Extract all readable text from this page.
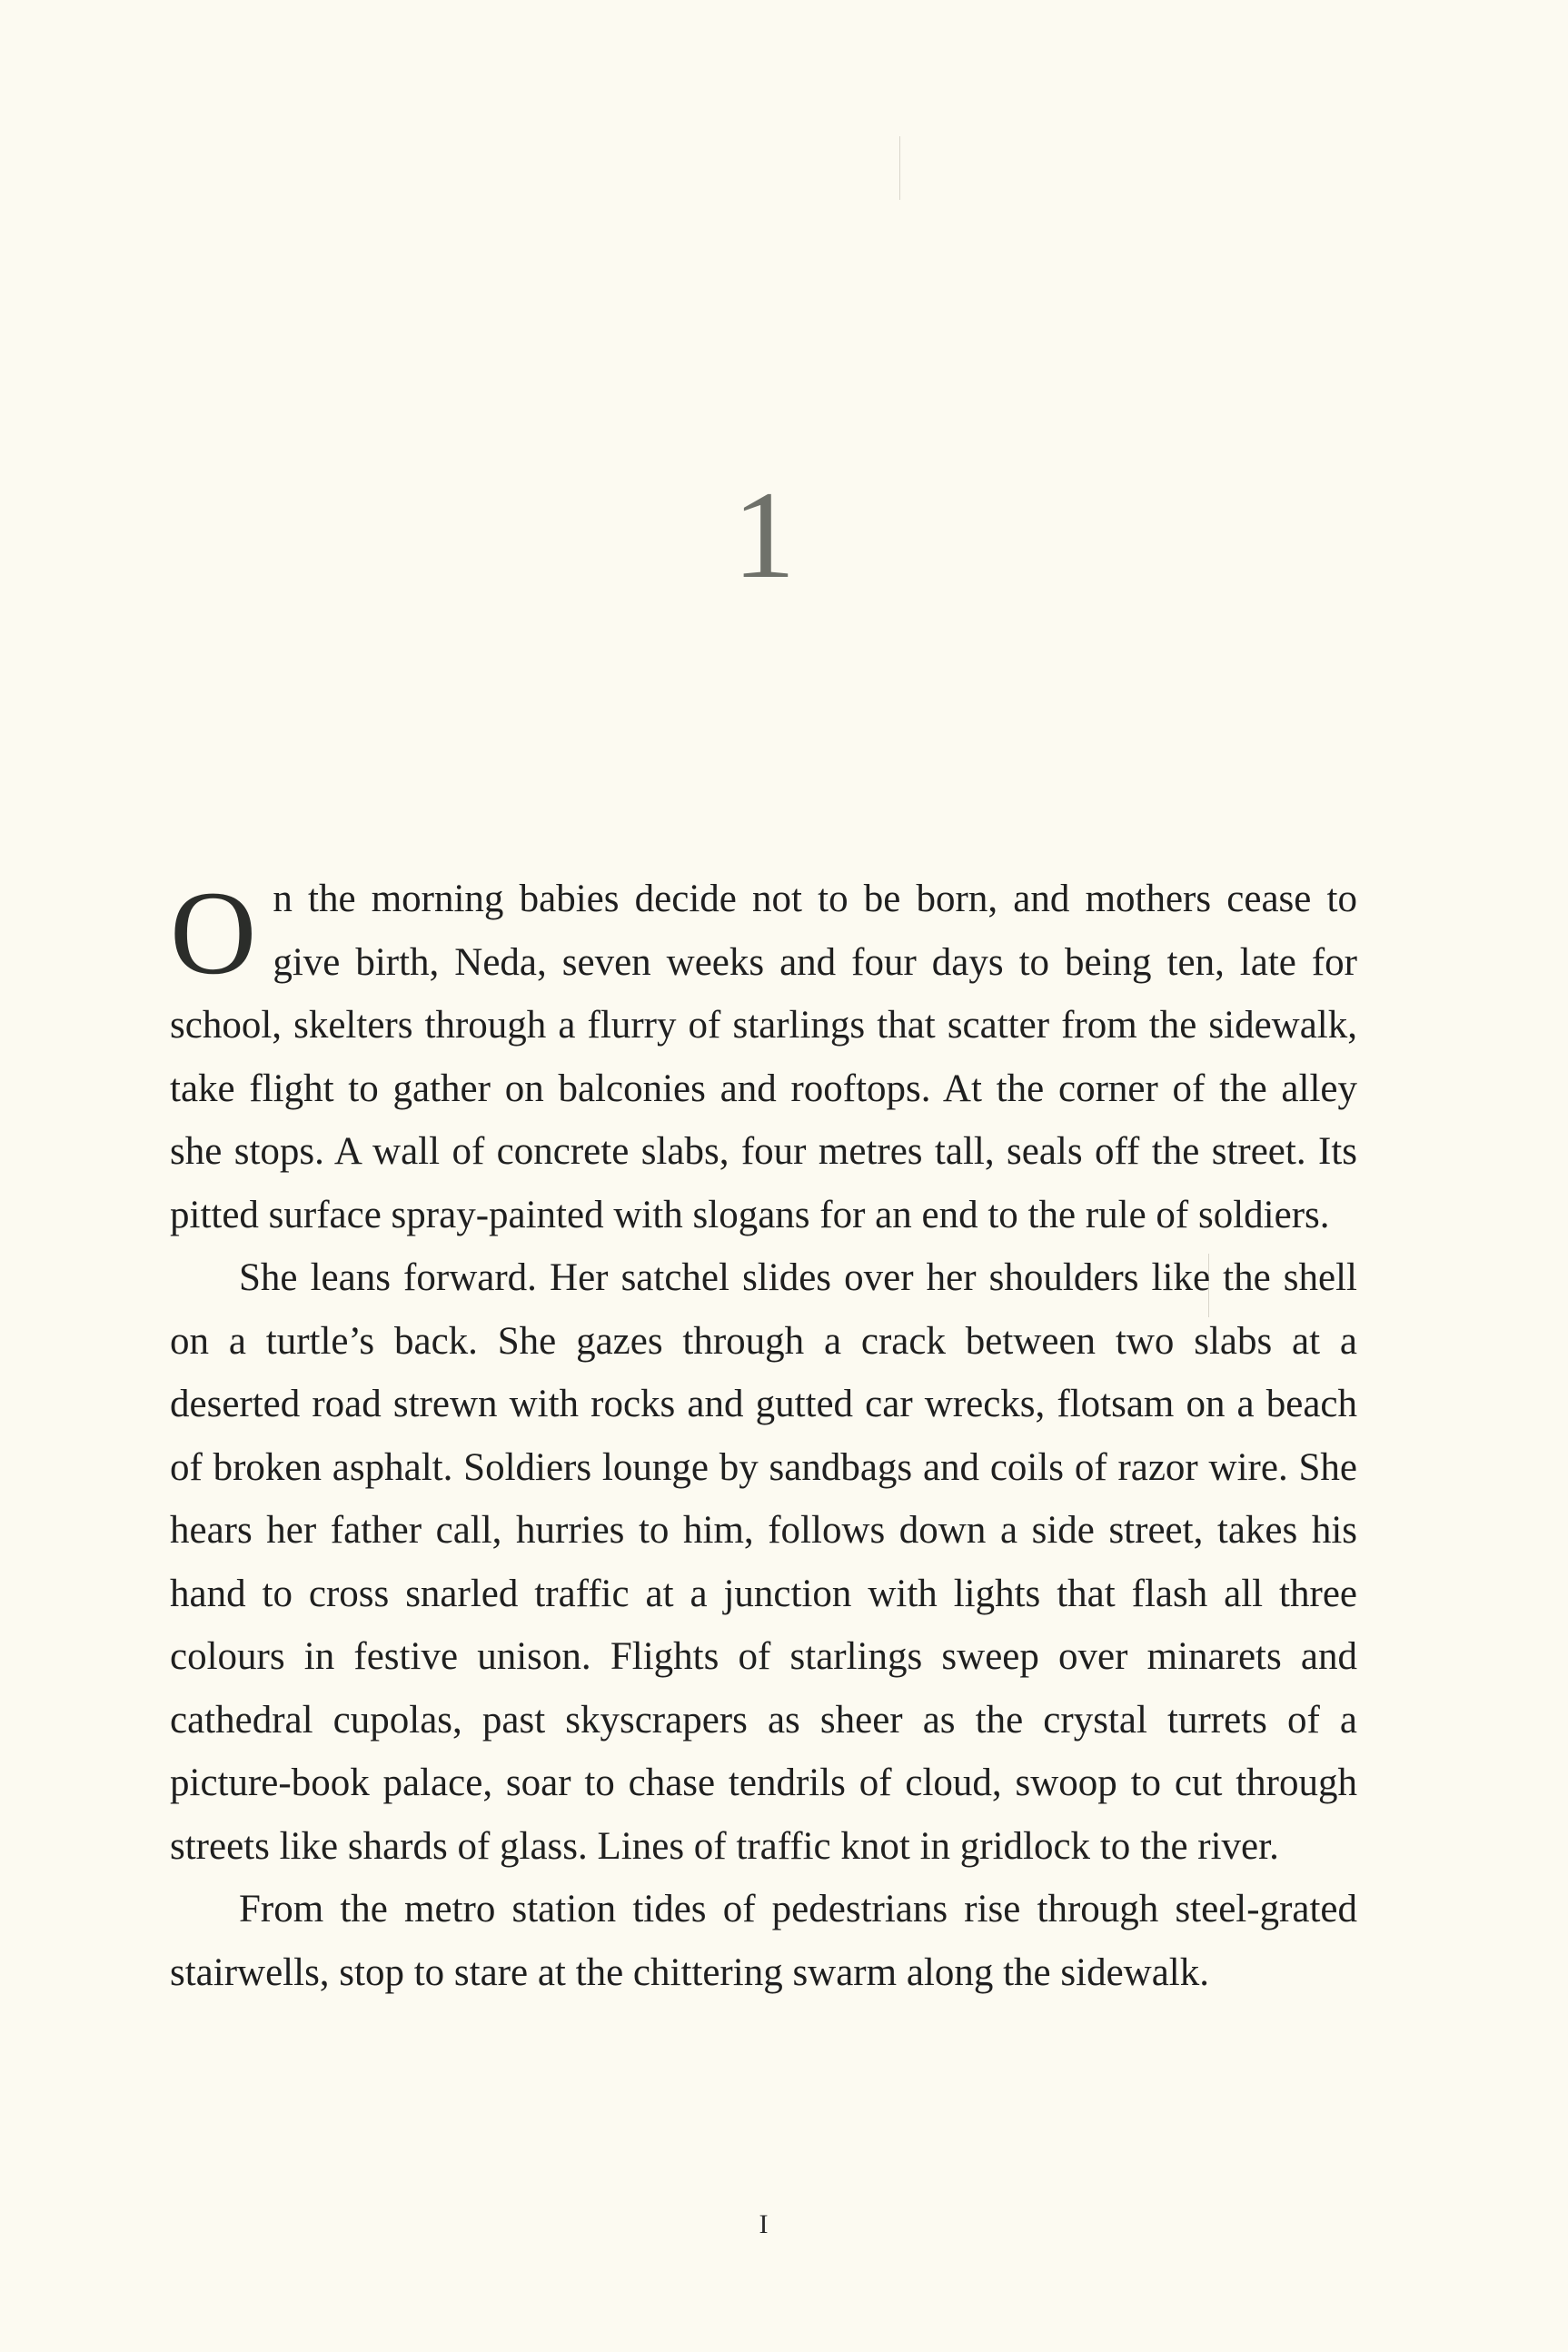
1

On the morning babies decide not to be born, and mothers cease to give birth, Neda, seven weeks and four days to being ten, late for school, skelters through a flurry of starlings that scatter from the sidewalk, take flight to gather on balconies and rooftops. At the corner of the alley she stops. A wall of concrete slabs, four metres tall, seals off the street. Its pitted surface spray-painted with slogans for an end to the rule of soldiers.

She leans forward. Her satchel slides over her shoulders like the shell on a turtle’s back. She gazes through a crack between two slabs at a deserted road strewn with rocks and gutted car wrecks, flotsam on a beach of broken asphalt. Soldiers lounge by sandbags and coils of razor wire. She hears her father call, hurries to him, follows down a side street, takes his hand to cross snarled traffic at a junction with lights that flash all three colours in festive unison. Flights of starlings sweep over minarets and cathedral cupolas, past skyscrapers as sheer as the crystal turrets of a picture-book palace, soar to chase tendrils of cloud, swoop to cut through streets like shards of glass. Lines of traffic knot in gridlock to the river.

From the metro station tides of pedestrians rise through steel-grated stairwells, stop to stare at the chittering swarm along the sidewalk.

I
